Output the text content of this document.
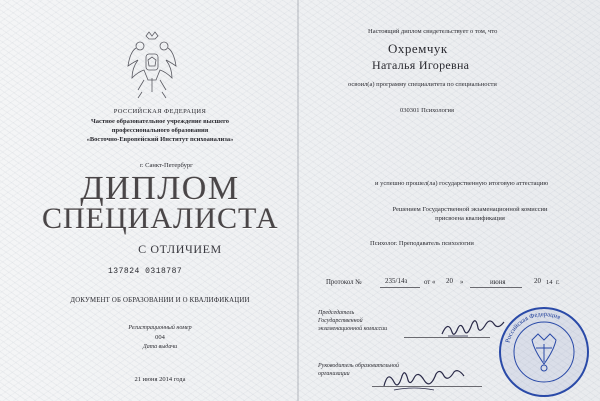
РОССИЙСКАЯ ФЕДЕРАЦИЯ
Частное образовательное учреждение высшего
профессионального образования
«Восточно-Европейский Институт психоанализа»
г. Санкт-Петербург
ДИПЛОМ
СПЕЦИАЛИСТА
С ОТЛИЧИЕМ
137824 0318787
ДОКУМЕНТ ОБ ОБРАЗОВАНИИ И О КВАЛИФИКАЦИИ
Регистрационный номер
004
Дата выдачи
21 июня 2014 года
Настоящий диплом свидетельствует о том, что
Охремчук
Наталья Игоревна
освоил(а) программу специалитета по специальности
030301 Психология
и успешно прошел(ла) государственную итоговую аттестацию
Решением Государственной экзаменационной комиссии
присвоена квалификация
Психолог. Преподаватель психологии
Протокол №	235/14з от « 20 »	июня	20 14 г.
Председатель
Государственной
экзаменационной комиссии
Руководитель образовательной
организации
Российская Федерация
